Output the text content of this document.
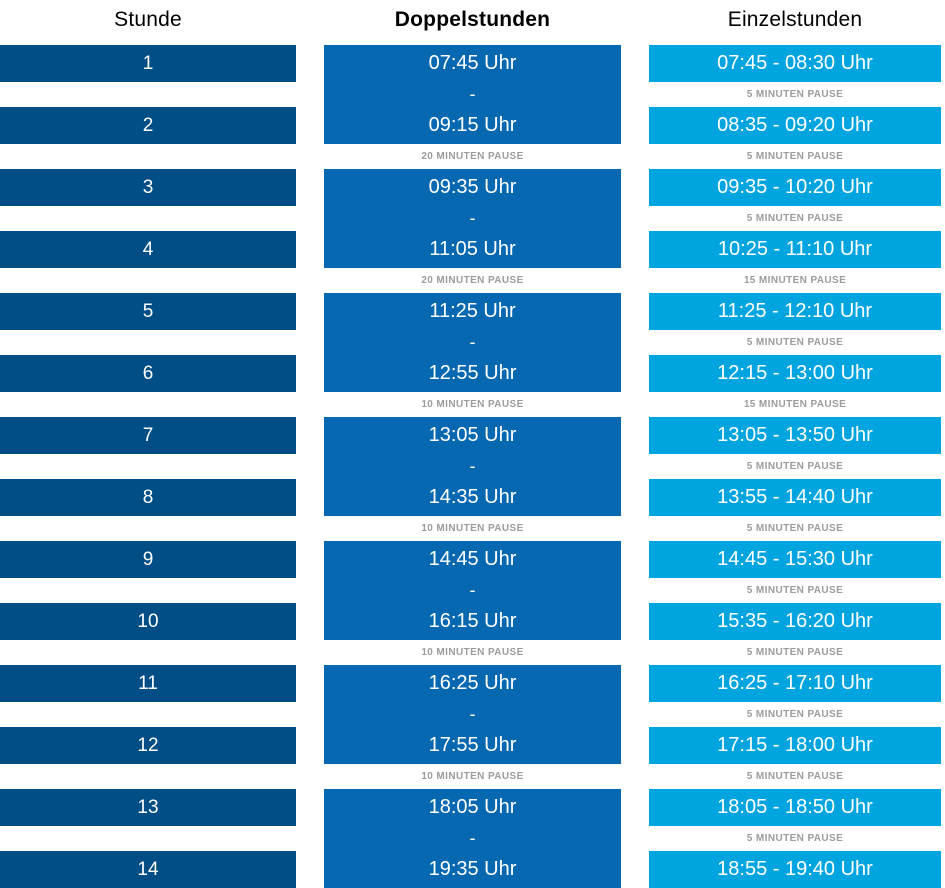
Stunde	Doppelstunden	Einzelstunden
1
2
3
4
5
6
7
8
9
10
11
12
13
14
07:45 Uhr
-
09:15 Uhr
20 MINUTEN PAUSE
09:35 Uhr
-
11:05 Uhr
20 MINUTEN PAUSE
11:25 Uhr
-
12:55 Uhr
10 MINUTEN PAUSE
13:05 Uhr
-
14:35 Uhr
10 MINUTEN PAUSE
14:45 Uhr
-
16:15 Uhr
10 MINUTEN PAUSE
16:25 Uhr
-
17:55 Uhr
10 MINUTEN PAUSE
18:05 Uhr
-
19:35 Uhr
07:45 - 08:30 Uhr
5 MINUTEN PAUSE
08:35 - 09:20 Uhr
5 MINUTEN PAUSE
09:35 - 10:20 Uhr
5 MINUTEN PAUSE
10:25 - 11:10 Uhr
15 MINUTEN PAUSE
11:25 - 12:10 Uhr
5 MINUTEN PAUSE
12:15 - 13:00 Uhr
15 MINUTEN PAUSE
13:05 - 13:50 Uhr
5 MINUTEN PAUSE
13:55 - 14:40 Uhr
5 MINUTEN PAUSE
14:45 - 15:30 Uhr
5 MINUTEN PAUSE
15:35 - 16:20 Uhr
5 MINUTEN PAUSE
16:25 - 17:10 Uhr
5 MINUTEN PAUSE
17:15 - 18:00 Uhr
5 MINUTEN PAUSE
18:05 - 18:50 Uhr
5 MINUTEN PAUSE
18:55 - 19:40 Uhr
